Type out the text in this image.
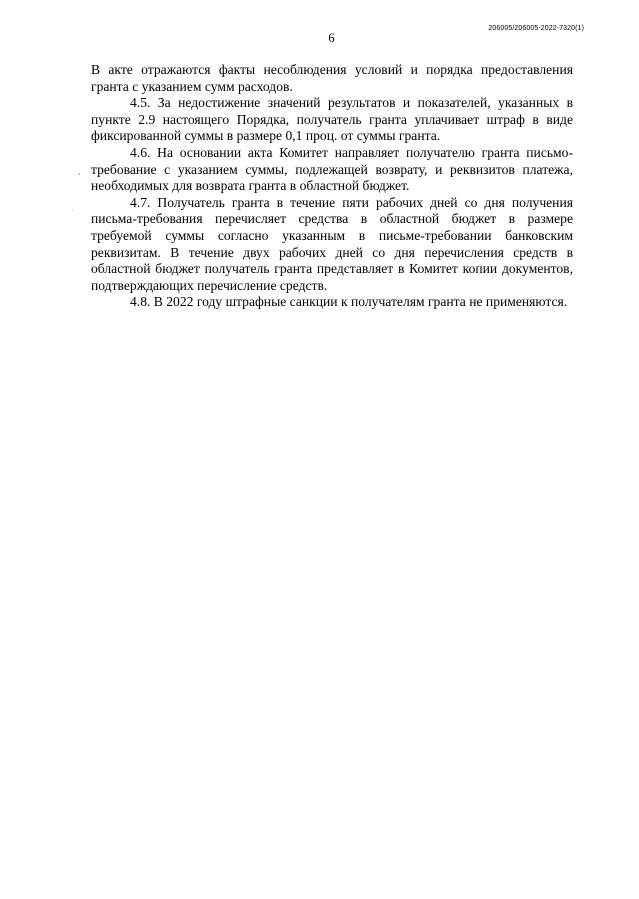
206005/206005-2022-7320(1)
6

В акте отражаются факты несоблюдения условий и порядка предоставления гранта с указанием сумм расходов.

4.5. За недостижение значений результатов и показателей, указанных в пункте 2.9 настоящего Порядка, получатель гранта уплачивает штраф в виде фиксированной суммы в размере 0,1 проц. от суммы гранта.

4.6. На основании акта Комитет направляет получателю гранта письмо-требование с указанием суммы, подлежащей возврату, и реквизитов платежа, необходимых для возврата гранта в областной бюджет.

4.7. Получатель гранта в течение пяти рабочих дней со дня получения письма-требования перечисляет средства в областной бюджет в размере требуемой суммы согласно указанным в письме-требовании банковским реквизитам. В течение двух рабочих дней со дня перечисления средств в областной бюджет получатель гранта представляет в Комитет копии документов, подтверждающих перечисление средств.

4.8. В 2022 году штрафные санкции к получателям гранта не применяются.
